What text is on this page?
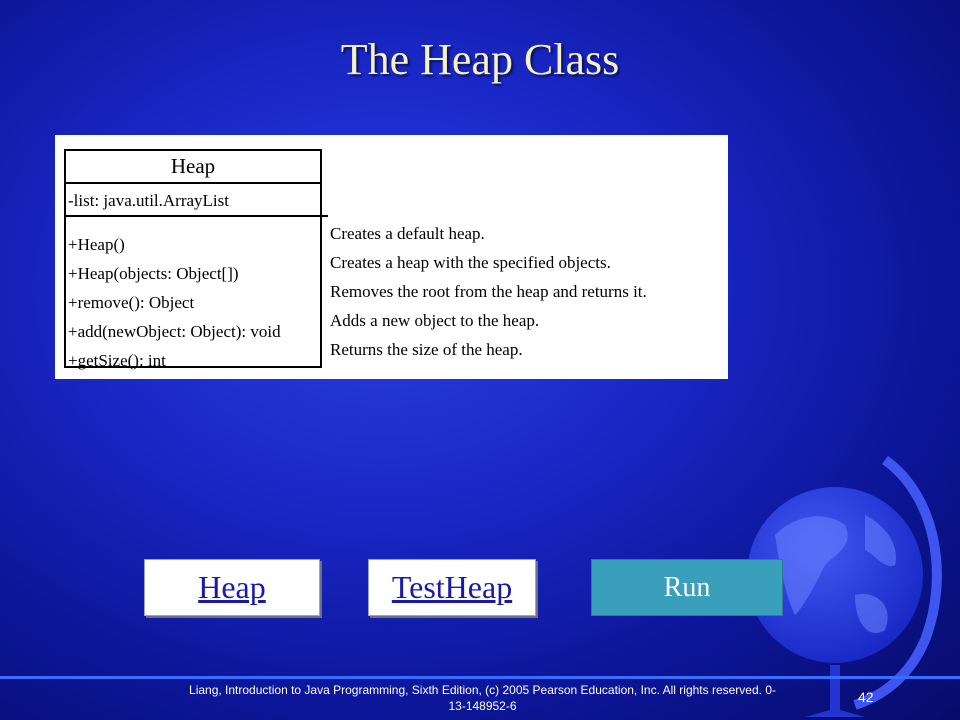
The Heap Class
Heap
-list: java.util.ArrayList
+Heap()
+Heap(objects: Object[])
+remove(): Object
+add(newObject: Object): void
+getSize(): int
Creates a default heap.
Creates a heap with the specified objects.
Removes the root from the heap and returns it.
Adds a new object to the heap.
Returns the size of the heap.
Heap	TestHeap	Run
Liang, Introduction to Java Programming, Sixth Edition, (c) 2005 Pearson Education, Inc. All rights reserved. 0-13-148952-6
42
